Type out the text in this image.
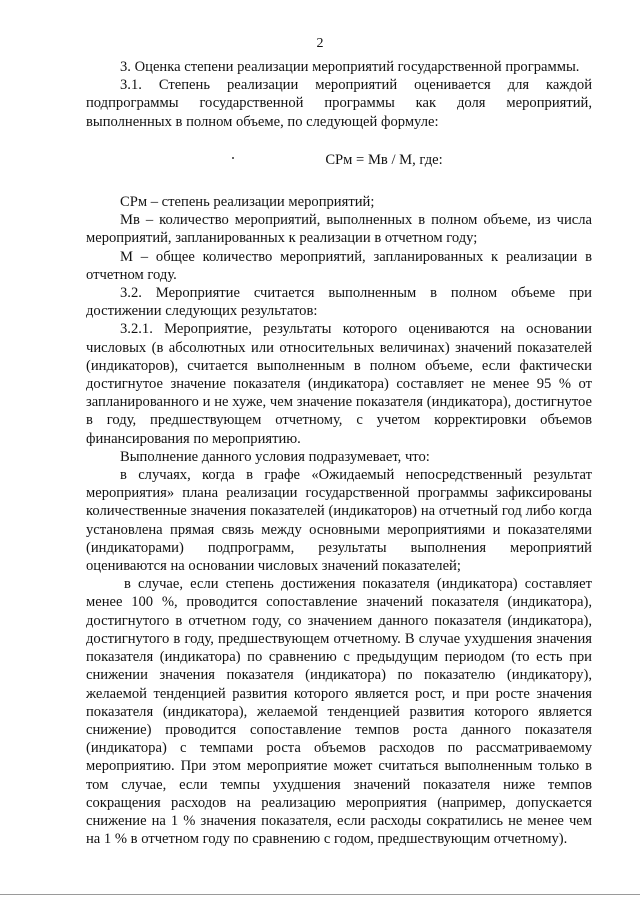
2

3. Оценка степени реализации мероприятий государственной программы.

3.1. Степень реализации мероприятий оценивается для каждой подпрограммы государственной программы как доля мероприятий, выполненных в полном объеме, по следующей формуле:

СРм = Мв / М, где:

СРм – степень реализации мероприятий;

Мв – количество мероприятий, выполненных в полном объеме, из числа мероприятий, запланированных к реализации в отчетном году;

М – общее количество мероприятий, запланированных к реализации в отчетном году.

3.2. Мероприятие считается выполненным в полном объеме при достижении следующих результатов:

3.2.1. Мероприятие, результаты которого оцениваются на основании числовых (в абсолютных или относительных величинах) значений показателей (индикаторов), считается выполненным в полном объеме, если фактически достигнутое значение показателя (индикатора) составляет не менее 95 % от запланированного и не хуже, чем значение показателя (индикатора), достигнутое в году, предшествующем отчетному, с учетом корректировки объемов финансирования по мероприятию.

Выполнение данного условия подразумевает, что:

в случаях, когда в графе «Ожидаемый непосредственный результат мероприятия» плана реализации государственной программы зафиксированы количественные значения показателей (индикаторов) на отчетный год либо когда установлена прямая связь между основными мероприятиями и показателями (индикаторами) подпрограмм, результаты выполнения мероприятий оцениваются на основании числовых значений показателей;

в случае, если степень достижения показателя (индикатора) составляет менее 100 %, проводится сопоставление значений показателя (индикатора), достигнутого в отчетном году, со значением данного показателя (индикатора), достигнутого в году, предшествующем отчетному. В случае ухудшения значения показателя (индикатора) по сравнению с предыдущим периодом (то есть при снижении значения показателя (индикатора) по показателю (индикатору), желаемой тенденцией развития которого является рост, и при росте значения показателя (индикатора), желаемой тенденцией развития которого является снижение) проводится сопоставление темпов роста данного показателя (индикатора) с темпами роста объемов расходов по рассматриваемому мероприятию. При этом мероприятие может считаться выполненным только в том случае, если темпы ухудшения значений показателя ниже темпов сокращения расходов на реализацию мероприятия (например, допускается снижение на 1 % значения показателя, если расходы сократились не менее чем на 1 % в отчетном году по сравнению с годом, предшествующим отчетному).
